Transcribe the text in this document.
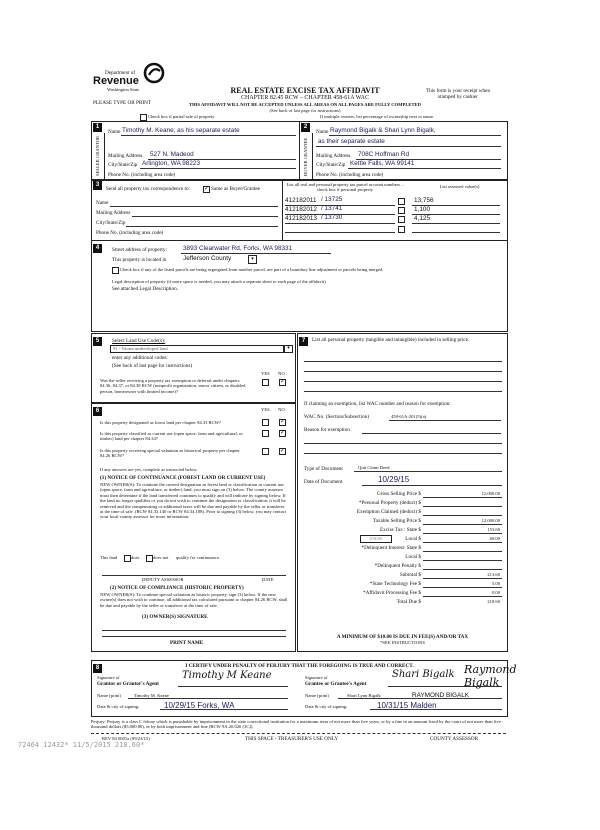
Department of
Revenue
Washington State
PLEASE TYPE OR PRINT
REAL ESTATE EXCISE TAX AFFIDAVIT
CHAPTER 82.45 RCW – CHAPTER 458-61A WAC
THIS AFFIDAVIT WILL NOT BE ACCEPTED UNLESS ALL AREAS ON ALL PAGES ARE FULLY COMPLETED
(See back of last page for instructions)
This form is your receipt when stamped by cashier
Check box if partial sale of property	If multiple owners, list percentage of ownership next to name.
1
SELLER GRANTOR
Name Timothy M. Keane, as his separate estate
Mailing Address 527 N. Madeod
City/State/Zip Arlington, WA 98223
Phone No. (including area code)
2
BUYER GRANTEE
Name Raymond Bigalk & Shari Lynn Bigalk,
as their separate estate
Mailing Address 708C Hoffman Rd
City/State/Zip Kettle Falls, WA 99141
Phone No. (including area code)
3
Send all property tax correspondence to: ✓ Same as Buyer/Grantee
Name
Mailing Address
City/State/Zip
Phone No. (including area code)
List all real and personal property tax parcel account numbers – check box if personal property
List assessed value(s)
412182011 / 13725	13,756
412182012 / 13741	1,100
412182013 / 13730	4,125
4	Street address of property:	3893 Clearwater Rd, Forks, WA 98331
This property is located in	Jefferson County	▾
Check box if any of the listed parcels are being segregated from another parcel, are part of a boundary line adjustment or parcels being merged.
Legal description of property (if more space is needed, you may attach a separate sheet to each page of the affidavit)
See attached Legal Description.
5	Select Land Use Code(s):
91 - Vacant undeveloped land	▾
enter any additional codes:
(See back of last page for instructions)
YES NO
Was the seller receiving a property tax exemption or deferral under chapters 84.36, 84.37, or 84.38 RCW (nonprofit organization, senior citizen, or disabled person, homeowner with limited income)?
✓
6	YES NO
Is this property designated as forest land per chapter 84.33 RCW?	✓
Is this property classified as current use (open space, farm and agricultural, or timber) land per chapter 84.34?
✓
Is this property receiving special valuation as historical property per chapter 84.26 RCW?
✓
If any answers are yes, complete as instructed below.
(1) NOTICE OF CONTINUANCE (FOREST LAND OR CURRENT USE)
NEW OWNER(S): To continue the current designation as forest land or classification as current use (open space, farm and agriculture, or timber) land, you must sign on (3) below. The county assessor must then determine if the land transferred continues to qualify and will indicate by signing below. If the land no longer qualifies or you do not wish to continue the designation or classification, it will be removed and the compensating or additional taxes will be due and payable by the seller or transferor at the time of sale. (RCW 84.33.140 or RCW 84.34.108). Prior to signing (3) below, you may contact your local county assessor for more information.
This land	does	does not qualify for continuance.
DEPUTY ASSESSOR	DATE
(2) NOTICE OF COMPLIANCE (HISTORIC PROPERTY)
NEW OWNER(S): To continue special valuation as historic property, sign (3) below. If the new owner(s) does not wish to continue, all additional tax calculated pursuant to chapter 84.26 RCW, shall be due and payable by the seller or transferor at the time of sale.
(3) OWNER(S) SIGNATURE
PRINT NAME
7	List all personal property (tangible and intangible) included in selling price.
If claiming an exemption, list WAC number and reason for exemption:
WAC No. (Section/Subsection)	458-61A-201(5)(a)
Reason for exemption
Type of Document	Quit Claim Deed
Date of Document	10/29/15
Gross Selling Price $	12,000.00
*Personal Property (deduct) $
Exemption Claimed (deduct) $
Taxable Selling Price $	12,000.00
Excise Tax : State $	153.60
0.0050	Local $	60.00
*Delinquent Interest: State $
Local $
*Delinquent Penalty $
Subtotal $	213.60
*State Technology Fee $	5.00
*Affidavit Processing Fee $	0.00
Total Due $	218.60
A MINIMUM OF $10.00 IS DUE IN FEE(S) AND/OR TAX
*SEE INSTRUCTIONS
8	I CERTIFY UNDER PENALTY OF PERJURY THAT THE FOREGOING IS TRUE AND CORRECT.
Signature of
Grantor or Grantor's Agent
Timothy M Keane
Name (print)	Timothy M. Keane
Date & city of signing:	10/29/15 Forks, WA
Signature of
Grantee or Grantee's Agent
Shari Bigalk Raymond Bigalk
Name (print)	Shari Lynn Bigalk	RAYMOND BIGALK
Date & city of signing:	10/31/15 Malden
Perjury: Perjury is a class C felony which is punishable by imprisonment in the state correctional institution for a maximum term of not more than five years, or by a fine in an amount fixed by the court of not more than five thousand dollars ($5,000.00), or by both imprisonment and fine (RCW 9A.20.020 (1C)).
REV 84 0001a (09/23/15)	THIS SPACE - TREASURER'S USE ONLY	COUNTY ASSESSOR
72464 12432* 11/5/2015 218.60*
